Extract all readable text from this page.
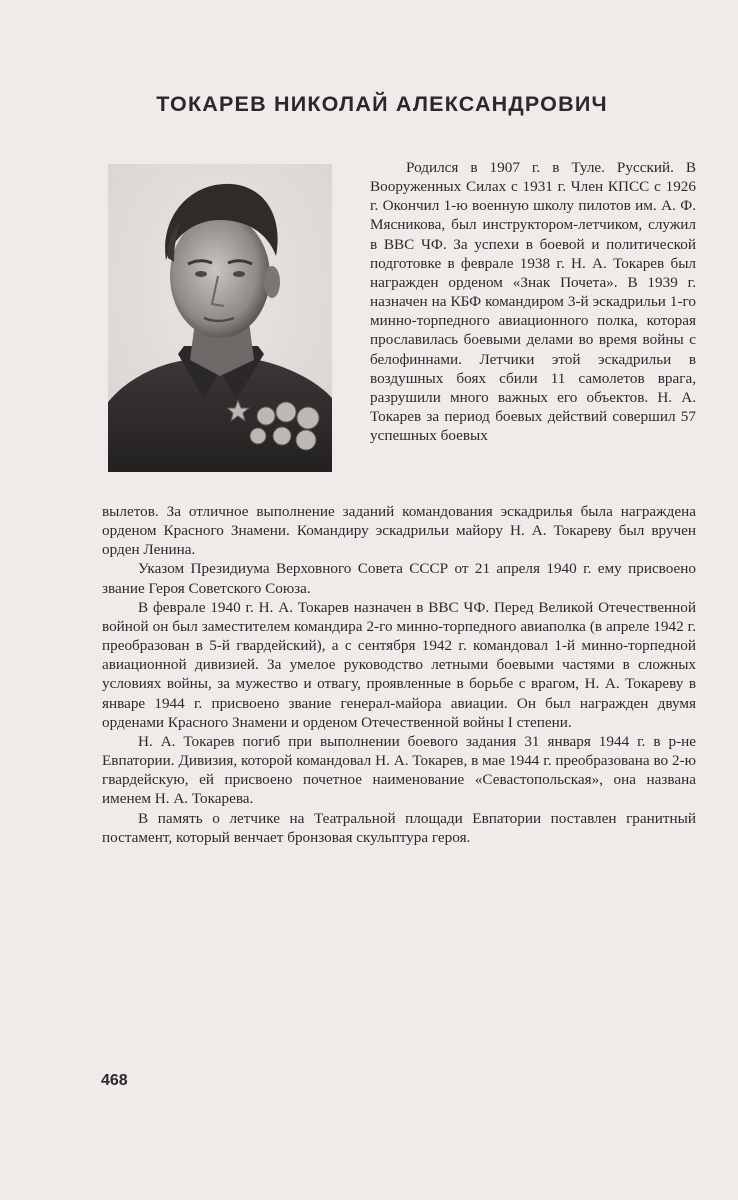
ТОКАРЕВ НИКОЛАЙ АЛЕКСАНДРОВИЧ

Родился в 1907 г. в Туле. Русский. В Вооруженных Силах с 1931 г. Член КПСС с 1926 г. Окончил 1-ю военную школу пилотов им. А. Ф. Мясникова, был инструктором-летчиком, служил в ВВС ЧФ. За успехи в боевой и политической подготовке в феврале 1938 г. Н. А. Токарев был награжден орденом «Знак Почета». В 1939 г. назначен на КБФ командиром 3-й эскадрильи 1-го минно-торпедного авиационного полка, которая прославилась боевыми делами во время войны с белофиннами. Летчики этой эскадрильи в воздушных боях сбили 11 самолетов врага, разрушили много важных его объектов. Н. А. Токарев за период боевых действий совершил 57 успешных боевых

вылетов. За отличное выполнение заданий командования эскадрилья была награждена орденом Красного Знамени. Командиру эскадрильи майору Н. А. Токареву был вручен орден Ленина.

Указом Президиума Верховного Совета СССР от 21 апреля 1940 г. ему присвоено звание Героя Советского Союза.

В феврале 1940 г. Н. А. Токарев назначен в ВВС ЧФ. Перед Великой Отечественной войной он был заместителем командира 2-го минно-торпедного авиаполка (в апреле 1942 г. преобразован в 5-й гвардейский), а с сентября 1942 г. командовал 1-й минно-торпедной авиационной дивизией. За умелое руководство летными боевыми частями в сложных условиях войны, за мужество и отвагу, проявленные в борьбе с врагом, Н. А. Токареву в январе 1944 г. присвоено звание генерал-майора авиации. Он был награжден двумя орденами Красного Знамени и орденом Отечественной войны I степени.

Н. А. Токарев погиб при выполнении боевого задания 31 января 1944 г. в р-не Евпатории. Дивизия, которой командовал Н. А. Токарев, в мае 1944 г. преобразована во 2-ю гвардейскую, ей присвоено почетное наименование «Севастопольская», она названа именем Н. А. Токарева.

В память о летчике на Театральной площади Евпатории поставлен гранитный постамент, который венчает бронзовая скульптура героя.

468
